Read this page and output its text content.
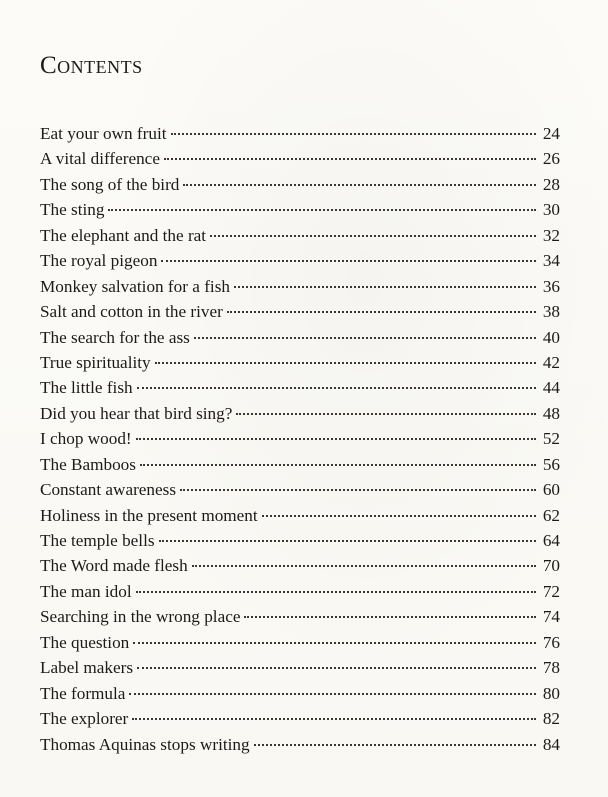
Contents
Eat your own fruit	24
A vital difference	26
The song of the bird	28
The sting	30
The elephant and the rat	32
The royal pigeon	34
Monkey salvation for a fish	36
Salt and cotton in the river	38
The search for the ass	40
True spirituality	42
The little fish	44
Did you hear that bird sing?	48
I chop wood!	52
The Bamboos	56
Constant awareness	60
Holiness in the present moment	62
The temple bells	64
The Word made flesh	70
The man idol	72
Searching in the wrong place	74
The question	76
Label makers	78
The formula	80
The explorer	82
Thomas Aquinas stops writing	84
